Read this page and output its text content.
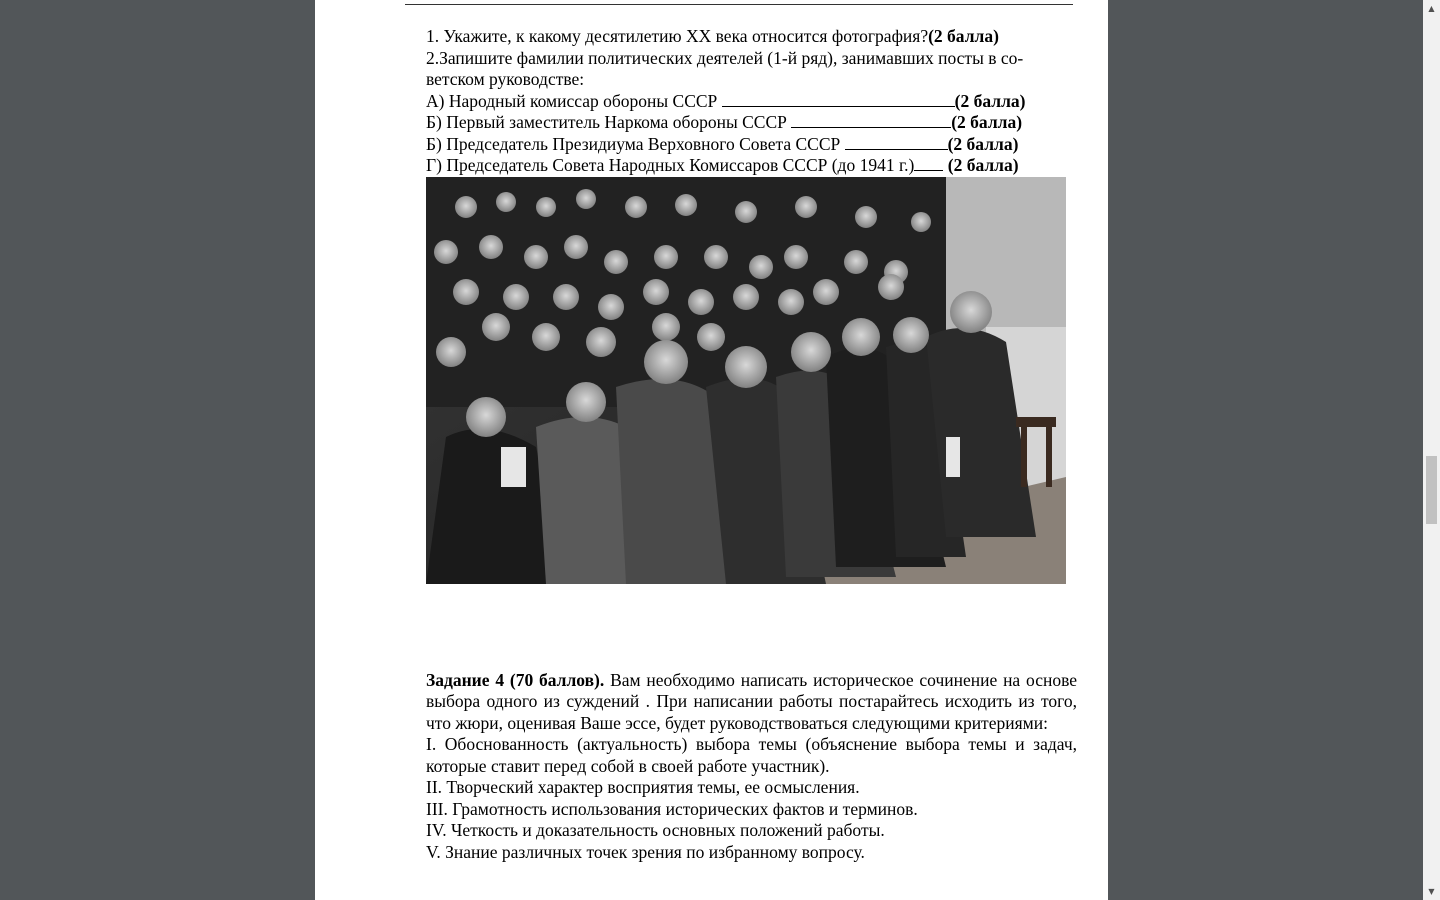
1. Укажите, к какому десятилетию XX века относится фотография?(2 балла)
2.Запишите фамилии политических деятелей (1-й ряд), занимавших посты в со-
ветском руководстве:
А) Народный комиссар обороны СССР	(2 балла)
Б) Первый заместитель Наркома обороны СССР	(2 балла)
Б) Председатель Президиума Верховного Совета СССР	(2 балла)
Г) Председатель Совета Народных Комиссаров СССР (до 1941 г.) (2 балла)
Задание 4 (70 баллов). Вам необходимо написать историческое сочинение на основе выбора одного из суждений . При написании работы постарайтесь исходить из того, что жюри, оценивая Ваше эссе, будет руководствоваться следующими критериями:
I. Обоснованность (актуальность) выбора темы (объяснение выбора темы и задач, которые ставит перед собой в своей работе участник).
II. Творческий характер восприятия темы, ее осмысления.
III. Грамотность использования исторических фактов и терминов.
IV. Четкость и доказательность основных положений работы.
V. Знание различных точек зрения по избранному вопросу.
▲
▼
